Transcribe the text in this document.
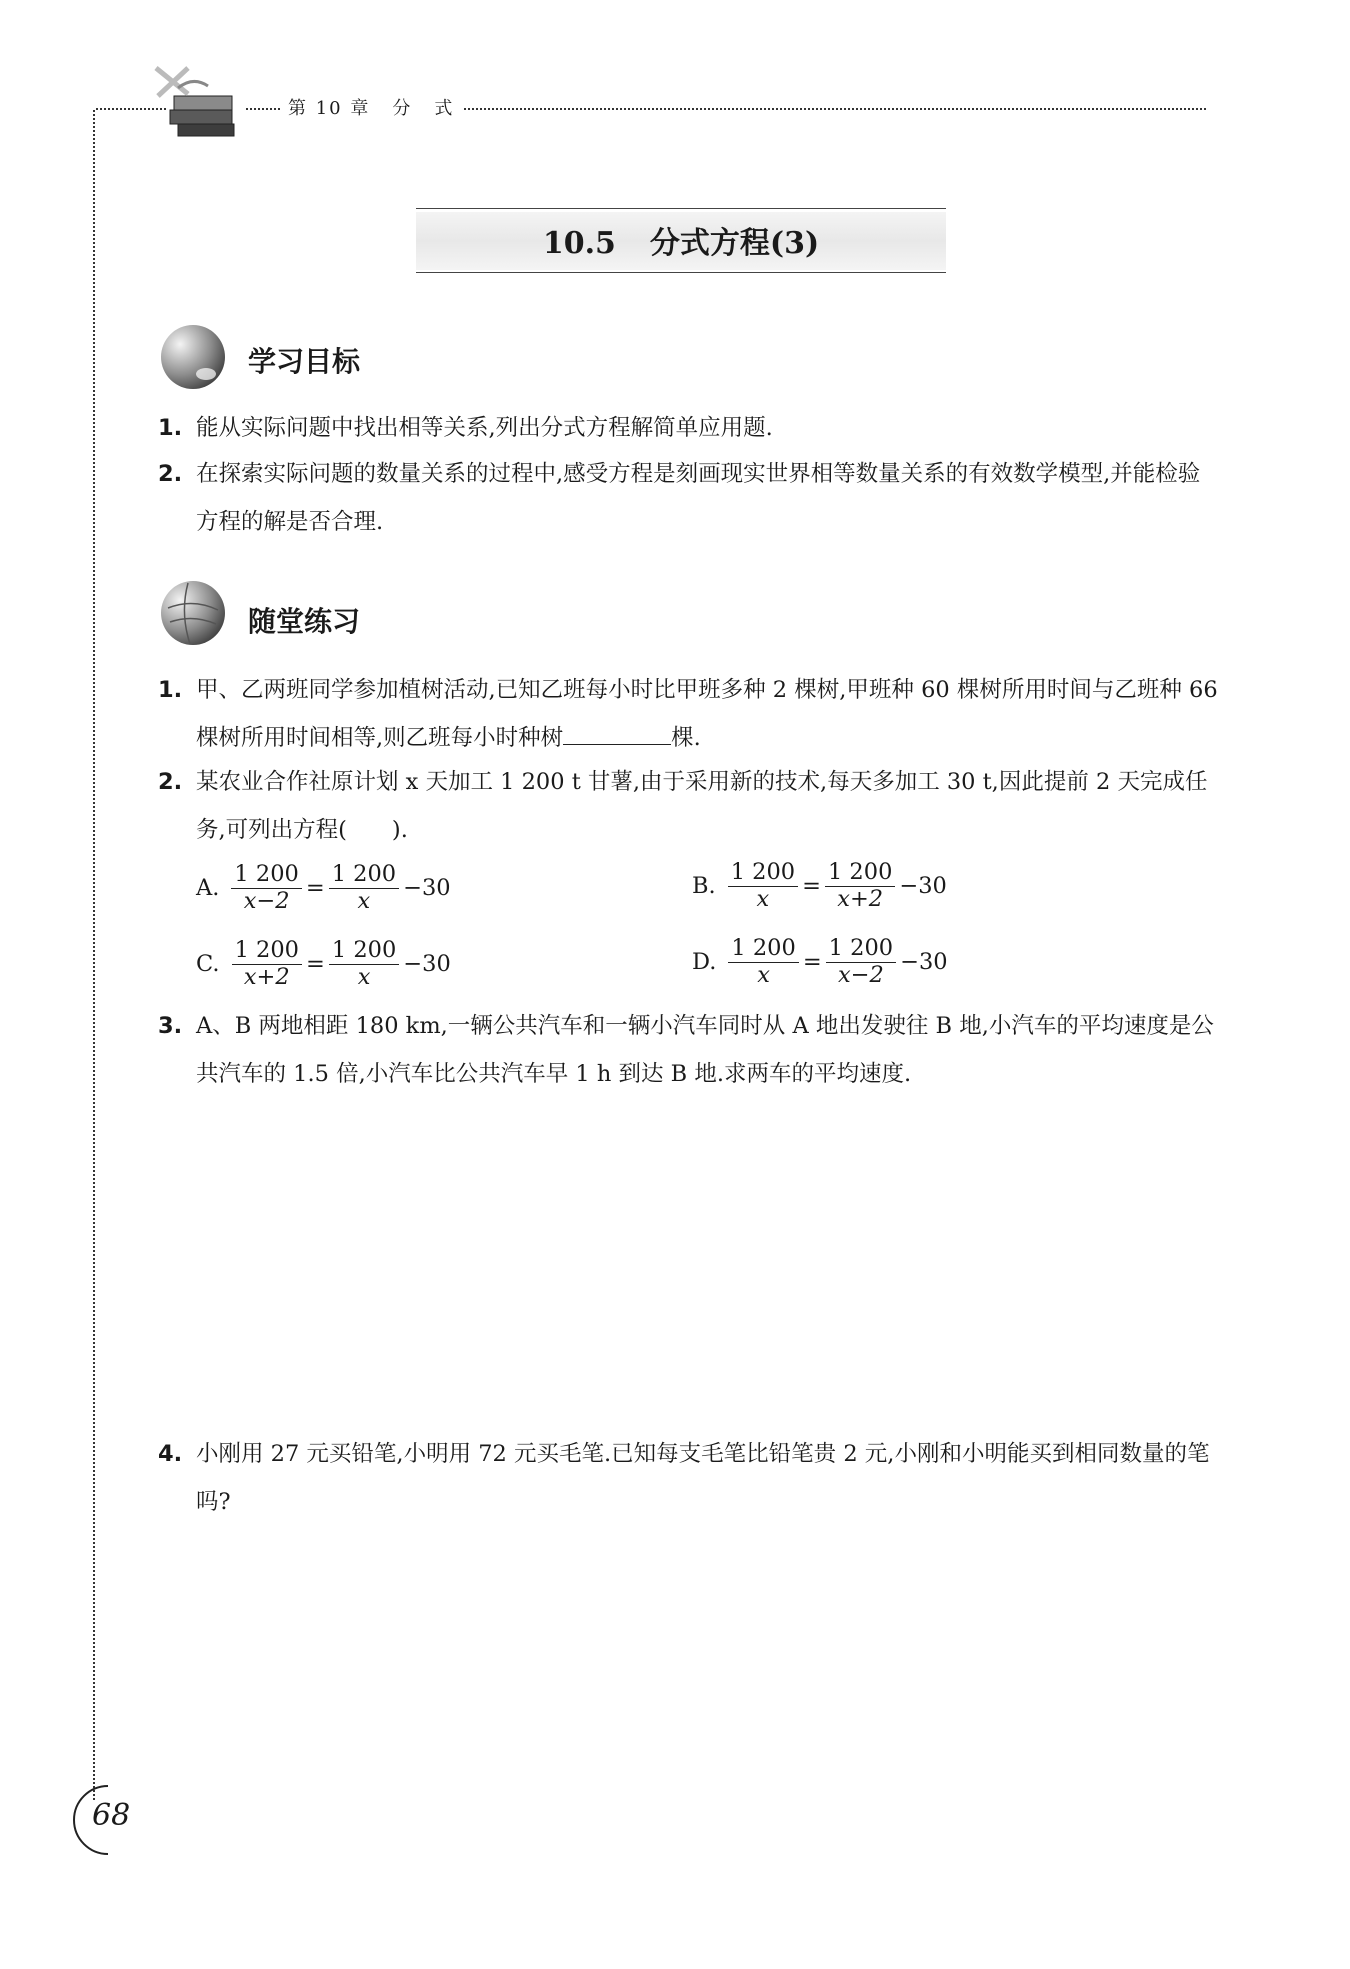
第 10 章 分 式
10.5 分式方程(3)
学习目标
1. 能从实际问题中找出相等关系,列出分式方程解简单应用题.
2. 在探索实际问题的数量关系的过程中,感受方程是刻画现实世界相等数量关系的有效数学模型,并能检验方程的解是否合理.
随堂练习
1. 甲、乙两班同学参加植树活动,已知乙班每小时比甲班多种 2 棵树,甲班种 60 棵树所用时间与乙班种 66 棵树所用时间相等,则乙班每小时种树	棵.
2. 某农业合作社原计划 x 天加工 1 200 t 甘薯,由于采用新的技术,每天多加工 30 t,因此提前 2 天完成任务,可列出方程(　　).
A. $\frac{1 200}{x-2} = \frac{1 200}{x} -30$	B. $\frac{1 200}{x} = \frac{1 200}{x+2} -30$
C. $\frac{1 200}{x+2} = \frac{1 200}{x} -30$	D. $\frac{1 200}{x} = \frac{1 200}{x-2} -30$
3. A、B 两地相距 180 km,一辆公共汽车和一辆小汽车同时从 A 地出发驶往 B 地,小汽车的平均速度是公共汽车的 1.5 倍,小汽车比公共汽车早 1 h 到达 B 地.求两车的平均速度.
4. 小刚用 27 元买铅笔,小明用 72 元买毛笔.已知每支毛笔比铅笔贵 2 元,小刚和小明能买到相同数量的笔吗?
68
